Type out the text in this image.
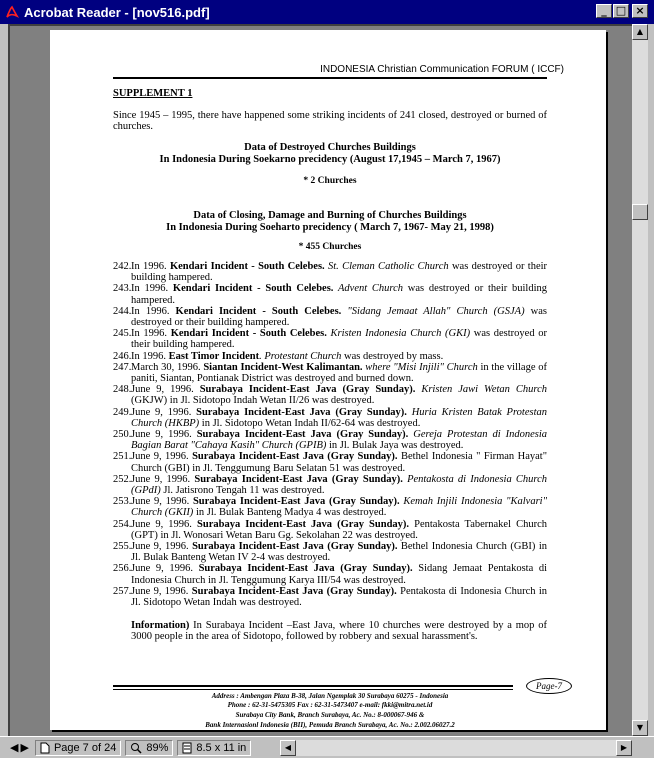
Acrobat Reader - [nov516.pdf]	_ □ ×
INDONESIA Christian Communication FORUM ( ICCF)
SUPPLEMENT 1
Since 1945 – 1995, there have happened some striking incidents of 241 closed, destroyed or burned of churches.
Data of Destroyed Churches Buildings
In Indonesia During Soekarno precidency (August 17,1945 – March 7, 1967)
* 2 Churches
Data of Closing, Damage and Burning of Churches Buildings
In Indonesia During Soeharto precidency ( March 7, 1967- May 21, 1998)
* 455 Churches
242. In 1996. Kendari Incident - South Celebes. St. Cleman Catholic Church was destroyed or their building hampered.
243. In 1996. Kendari Incident - South Celebes. Advent Church was destroyed or their building hampered.
244. In 1996. Kendari Incident - South Celebes. "Sidang Jemaat Allah" Church (GSJA) was destroyed or their building hampered.
245. In 1996. Kendari Incident - South Celebes. Kristen Indonesia Church (GKI) was destroyed or their building hampered.
246. In 1996. East Timor Incident. Protestant Church was destroyed by mass.
247. March 30, 1996. Siantan Incident-West Kalimantan. where "Misi Injili" Church in the village of paniti, Siantan, Pontianak District was destroyed and burned down.
248. June 9, 1996. Surabaya Incident-East Java (Gray Sunday). Kristen Jawi Wetan Church (GKJW) in Jl. Sidotopo Indah Wetan II/26 was destroyed.
249. June 9, 1996. Surabaya Incident-East Java (Gray Sunday). Huria Kristen Batak Protestan Church (HKBP) in Jl. Sidotopo Wetan Indah II/62-64 was destroyed.
250. June 9, 1996. Surabaya Incident-East Java (Gray Sunday). Gereja Protestan di Indonesia Bagian Barat "Cahaya Kasih" Church (GPIB) in Jl. Bulak Jaya was destroyed.
251. June 9, 1996. Surabaya Incident-East Java (Gray Sunday). Bethel Indonesia " Firman Hayat" Church (GBI) in Jl. Tenggumung Baru Selatan 51 was destroyed.
252. June 9, 1996. Surabaya Incident-East Java (Gray Sunday). Pentakosta di Indonesia Church (GPdI) Jl. Jatisrono Tengah 11 was destroyed.
253. June 9, 1996. Surabaya Incident-East Java (Gray Sunday). Kemah Injili Indonesia "Kalvari" Church (GKII) in Jl. Bulak Banteng Madya 4 was destroyed.
254. June 9, 1996. Surabaya Incident-East Java (Gray Sunday). Pentakosta Tabernakel Church (GPT) in Jl. Wonosari Wetan Baru Gg. Sekolahan 22 was destroyed.
255. June 9, 1996. Surabaya Incident-East Java (Gray Sunday). Bethel Indonesia Church (GBI) in Jl. Bulak Banteng Wetan IV 2-4 was destroyed.
256. June 9, 1996. Surabaya Incident-East Java (Gray Sunday). Sidang Jemaat Pentakosta di Indonesia Church in Jl. Tenggumung Karya III/54 was destroyed.
257. June 9, 1996. Surabaya Incident-East Java (Gray Sunday). Pentakosta di Indonesia Church in Jl. Sidotopo Wetan Indah was destroyed.
Information) In Surabaya Incident –East Java, where 10 churches were destroyed by a mop of 3000 people in the area of Sidotopo, followed by robbery and sexual harassment's.
Page-7
Address : Ambengan Plaza B-38, Jalan Ngemplak 30 Surabaya 60275 - Indonesia
Phone : 62-31-5475305 Fax : 62-31-5473407 e-mail: fkki@mitra.net.id
Surabaya City Bank, Branch Surabaya, Ac. No.: 8-000067-946 &
Bank Internasionl Indonesia (BII), Pemuda Branch Surabaya, Ac. No.: 2.002.06027.2
▲
▼
◀ ▶ Page 7 of 24	89%	8.5 x 11 in	◀	▶
